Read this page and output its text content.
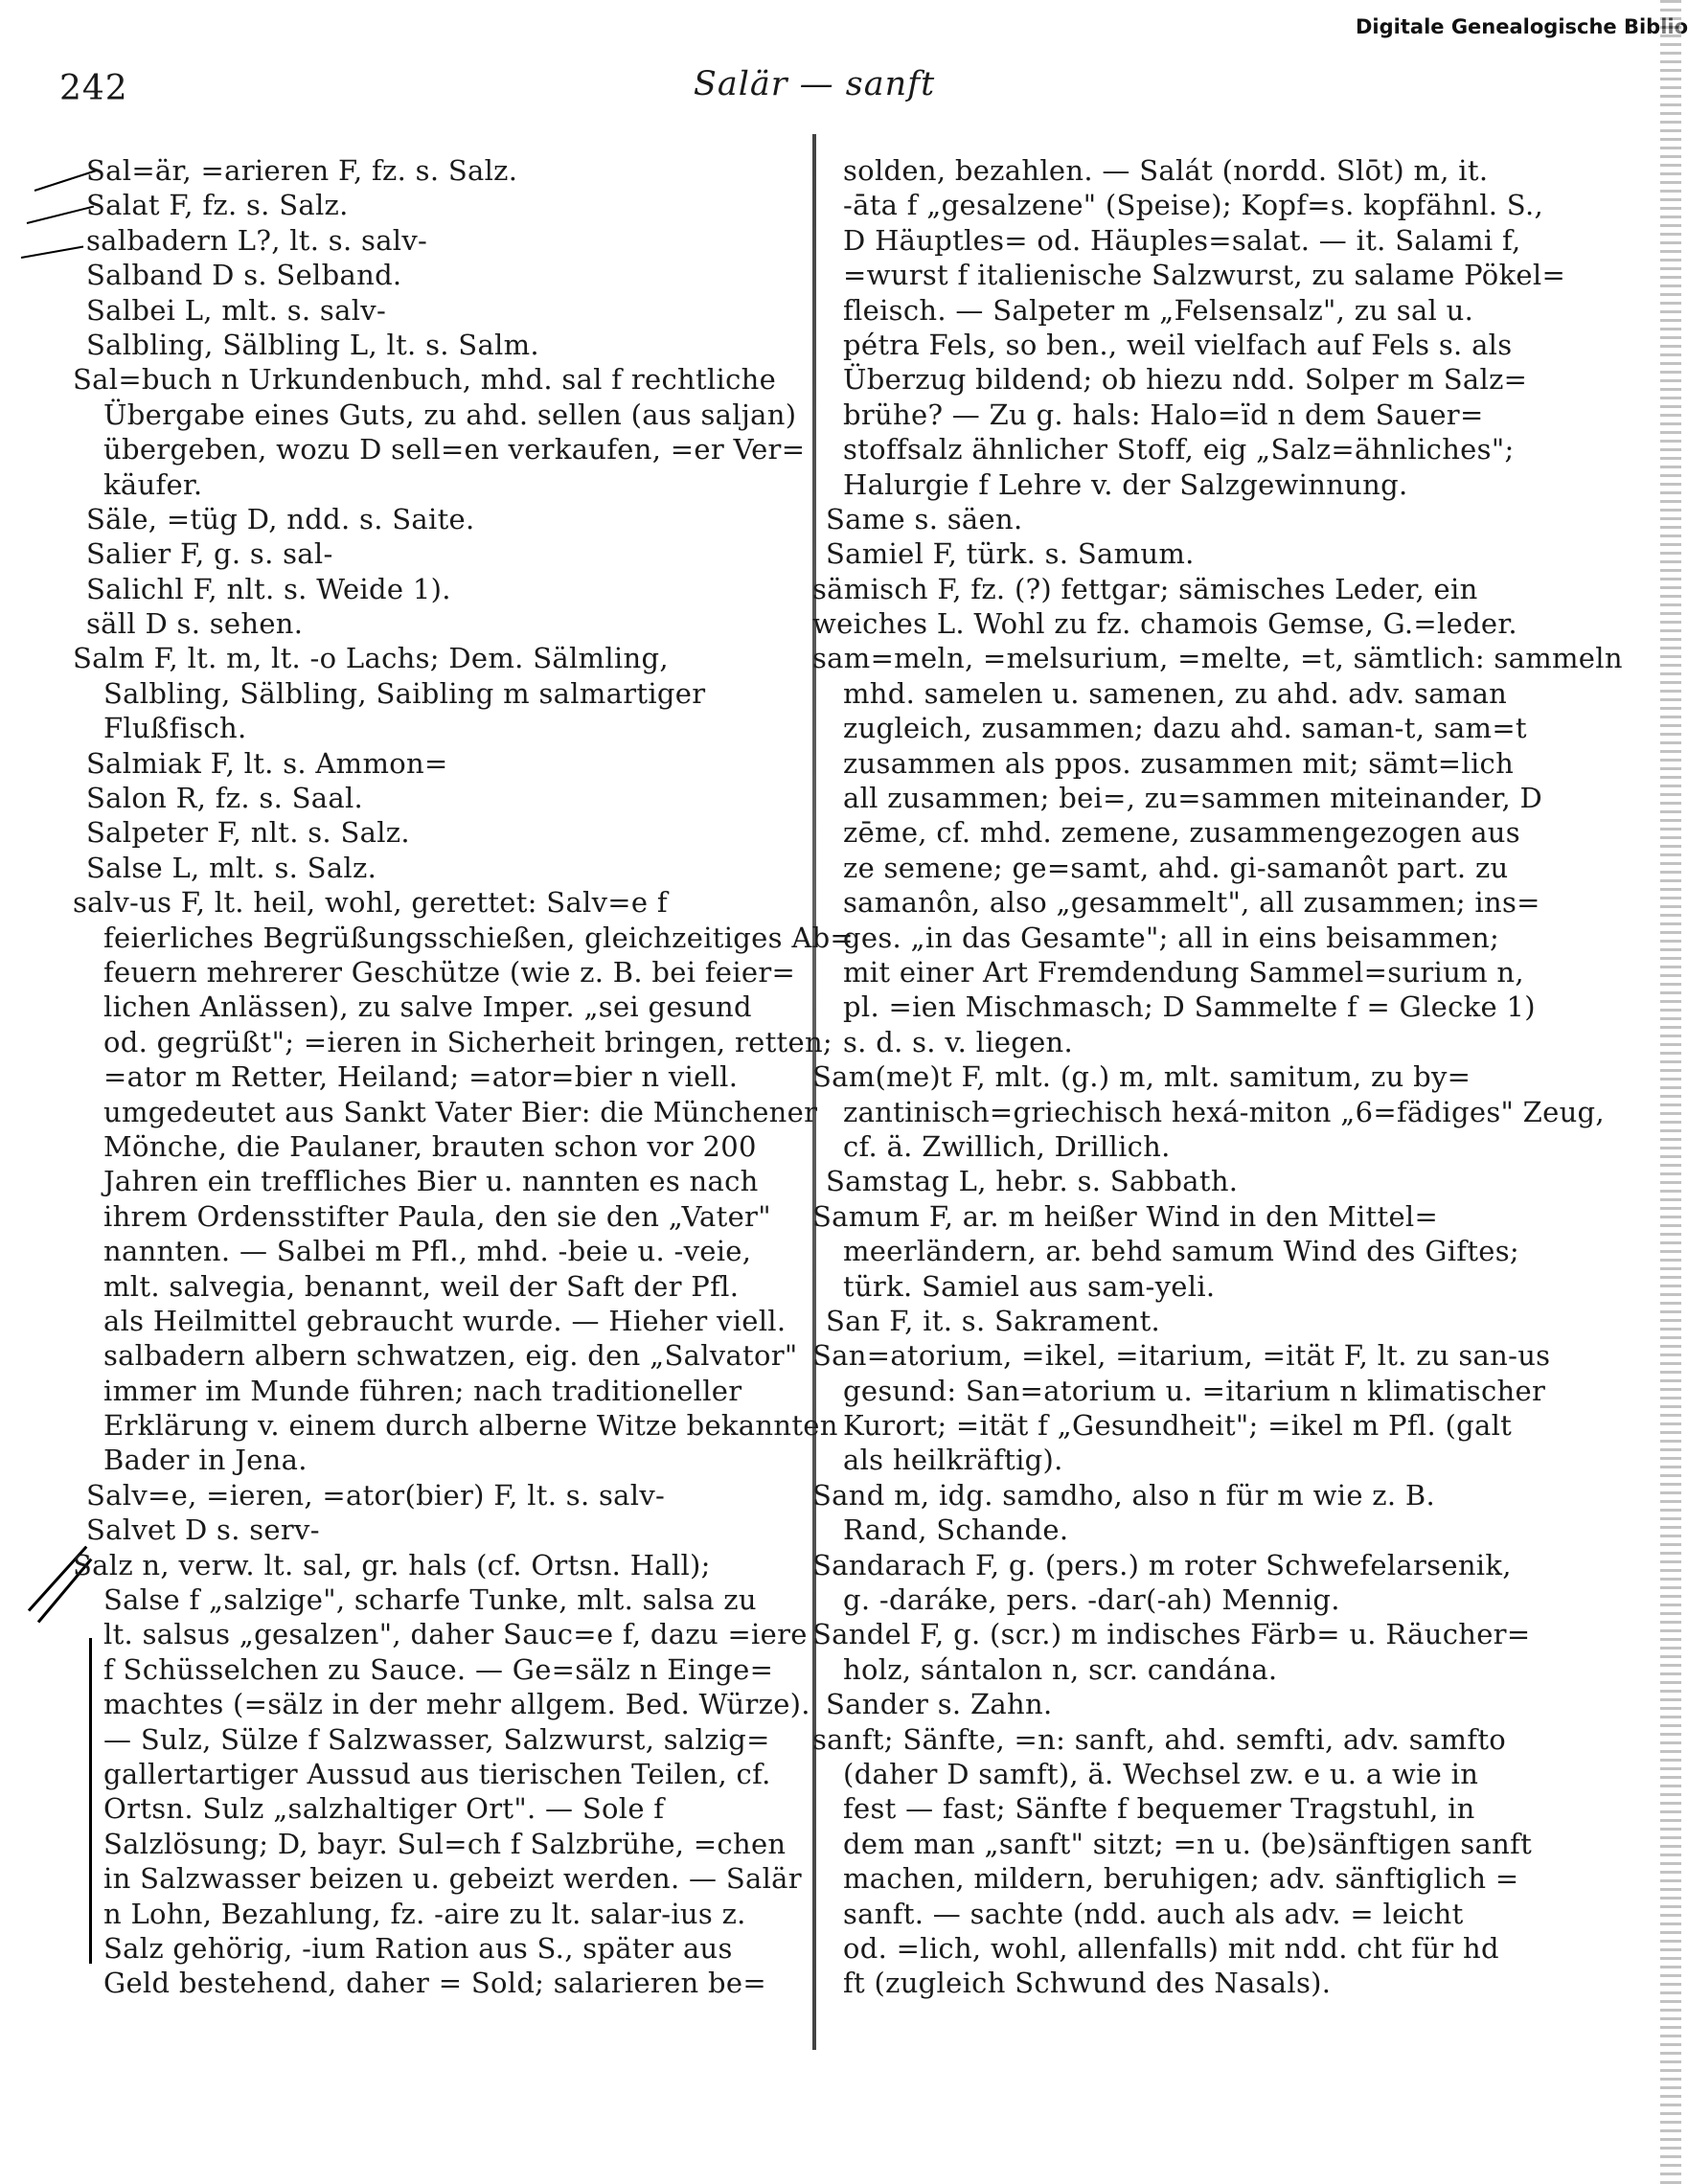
Digitale Genealogische Biblio
242	Salär — sanft
Sal=är, =arieren F, fz. s. Salz.
Salat F, fz. s. Salz.
salbadern L?, lt. s. salv-
Salband D s. Selband.
Salbei L, mlt. s. salv-
Salbling, Sälbling L, lt. s. Salm.
Sal=buch n Urkundenbuch, mhd. sal f rechtliche
Übergabe eines Guts, zu ahd. sellen (aus saljan)
übergeben, wozu D sell=en verkaufen, =er Ver=
käufer.
Säle, =tüg D, ndd. s. Saite.
Salier F, g. s. sal-
Salichl F, nlt. s. Weide 1).
säll D s. sehen.
Salm F, lt. m, lt. -o Lachs; Dem. Sälmling,
Salbling, Sälbling, Saibling m salmartiger
Flußfisch.
Salmiak F, lt. s. Ammon=
Salon R, fz. s. Saal.
Salpeter F, nlt. s. Salz.
Salse L, mlt. s. Salz.
salv-us F, lt. heil, wohl, gerettet: Salv=e f
feierliches Begrüßungsschießen, gleichzeitiges Ab=
feuern mehrerer Geschütze (wie z. B. bei feier=
lichen Anlässen), zu salve Imper. „sei gesund
od. gegrüßt"; =ieren in Sicherheit bringen, retten;
=ator m Retter, Heiland; =ator=bier n viell.
umgedeutet aus Sankt Vater Bier: die Münchener
Mönche, die Paulaner, brauten schon vor 200
Jahren ein treffliches Bier u. nannten es nach
ihrem Ordensstifter Paula, den sie den „Vater"
nannten. — Salbei m Pfl., mhd. -beie u. -veie,
mlt. salvegia, benannt, weil der Saft der Pfl.
als Heilmittel gebraucht wurde. — Hieher viell.
salbadern albern schwatzen, eig. den „Salvator"
immer im Munde führen; nach traditioneller
Erklärung v. einem durch alberne Witze bekannten
Bader in Jena.
Salv=e, =ieren, =ator(bier) F, lt. s. salv-
Salvet D s. serv-
Salz n, verw. lt. sal, gr. hals (cf. Ortsn. Hall);
Salse f „salzige", scharfe Tunke, mlt. salsa zu
lt. salsus „gesalzen", daher Sauc=e f, dazu =iere
f Schüsselchen zu Sauce. — Ge=sälz n Einge=
machtes (=sälz in der mehr allgem. Bed. Würze).
— Sulz, Sülze f Salzwasser, Salzwurst, salzig=
gallertartiger Aussud aus tierischen Teilen, cf.
Ortsn. Sulz „salzhaltiger Ort". — Sole f
Salzlösung; D, bayr. Sul=ch f Salzbrühe, =chen
in Salzwasser beizen u. gebeizt werden. — Salär
n Lohn, Bezahlung, fz. -aire zu lt. salar-ius z.
Salz gehörig, -ium Ration aus S., später aus
Geld bestehend, daher = Sold; salarieren be=
solden, bezahlen. — Salát (nordd. Slōt) m, it.
-āta f „gesalzene" (Speise); Kopf=s. kopfähnl. S.,
D Häuptles= od. Häuples=salat. — it. Salami f,
=wurst f italienische Salzwurst, zu salame Pökel=
fleisch. — Salpeter m „Felsensalz", zu sal u.
pétra Fels, so ben., weil vielfach auf Fels s. als
Überzug bildend; ob hiezu ndd. Solper m Salz=
brühe? — Zu g. hals: Halo=ïd n dem Sauer=
stoffsalz ähnlicher Stoff, eig „Salz=ähnliches";
Halurgie f Lehre v. der Salzgewinnung.
Same s. säen.
Samiel F, türk. s. Samum.
sämisch F, fz. (?) fettgar; sämisches Leder, ein
weiches L. Wohl zu fz. chamois Gemse, G.=leder.
sam=meln, =melsurium, =melte, =t, sämtlich: sammeln
mhd. samelen u. samenen, zu ahd. adv. saman
zugleich, zusammen; dazu ahd. saman-t, sam=t
zusammen als ppos. zusammen mit; sämt=lich
all zusammen; bei=, zu=sammen miteinander, D
zēme, cf. mhd. zemene, zusammengezogen aus
ze semene; ge=samt, ahd. gi-samanôt part. zu
samanôn, also „gesammelt", all zusammen; ins=
ges. „in das Gesamte"; all in eins beisammen;
mit einer Art Fremdendung Sammel=surium n,
pl. =ien Mischmasch; D Sammelte f = Glecke 1)
s. d. s. v. liegen.
Sam(me)t F, mlt. (g.) m, mlt. samitum, zu by=
zantinisch=griechisch hexá-miton „6=fädiges" Zeug,
cf. ä. Zwillich, Drillich.
Samstag L, hebr. s. Sabbath.
Samum F, ar. m heißer Wind in den Mittel=
meerländern, ar. behd samum Wind des Giftes;
türk. Samiel aus sam-yeli.
San F, it. s. Sakrament.
San=atorium, =ikel, =itarium, =ität F, lt. zu san-us
gesund: San=atorium u. =itarium n klimatischer
Kurort; =ität f „Gesundheit"; =ikel m Pfl. (galt
als heilkräftig).
Sand m, idg. samdho, also n für m wie z. B.
Rand, Schande.
Sandarach F, g. (pers.) m roter Schwefelarsenik,
g. -daráke, pers. -dar(-ah) Mennig.
Sandel F, g. (scr.) m indisches Färb= u. Räucher=
holz, sántalon n, scr. candána.
Sander s. Zahn.
sanft; Sänfte, =n: sanft, ahd. semfti, adv. samfto
(daher D samft), ä. Wechsel zw. e u. a wie in
fest — fast; Sänfte f bequemer Tragstuhl, in
dem man „sanft" sitzt; =n u. (be)sänftigen sanft
machen, mildern, beruhigen; adv. sänftiglich =
sanft. — sachte (ndd. auch als adv. = leicht
od. =lich, wohl, allenfalls) mit ndd. cht für hd
ft (zugleich Schwund des Nasals).
